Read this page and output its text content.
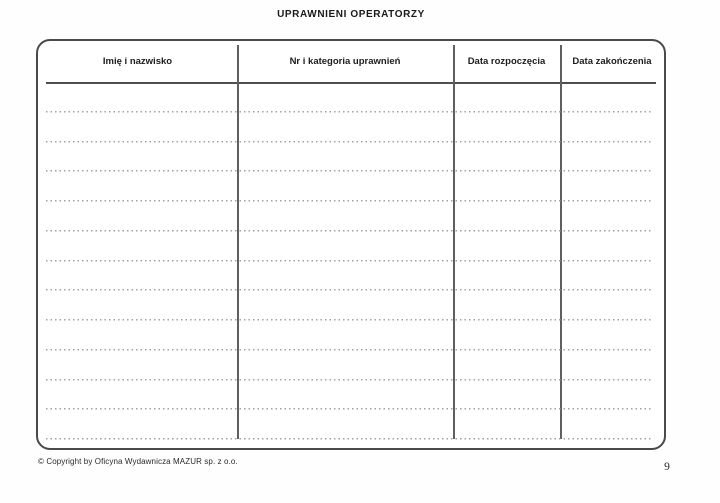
UPRAWNIENI OPERATORZY
Imię i nazwisko	Nr i kategoria uprawnień	Data rozpoczęcia	Data zakończenia
© Copyright by Oficyna Wydawnicza MAZUR sp. z o.o.	9
